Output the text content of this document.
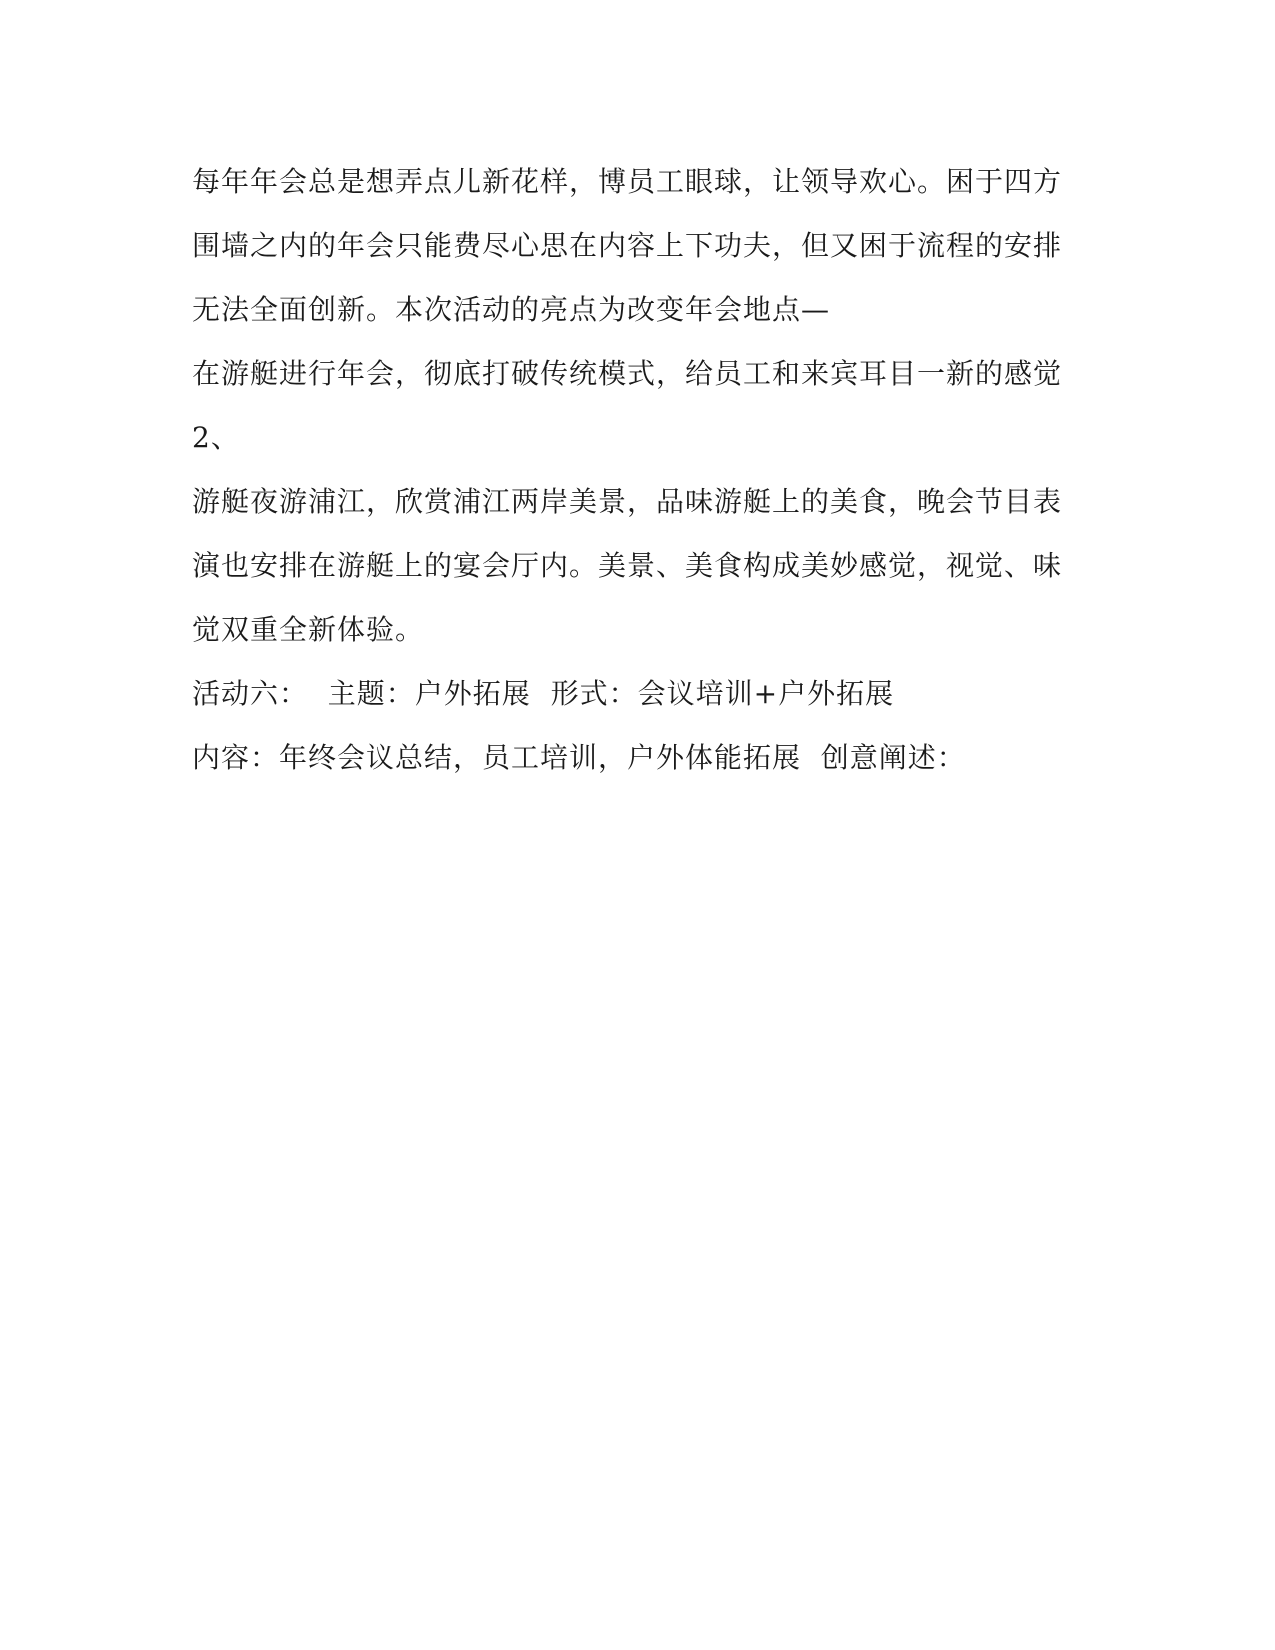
每年年会总是想弄点儿新花样，博员工眼球，让领导欢心。困于四方
围墙之内的年会只能费尽心思在内容上下功夫，但又困于流程的安排
无法全面创新。本次活动的亮点为改变年会地点—
在游艇进行年会，彻底打破传统模式，给员工和来宾耳目一新的感觉
2、
游艇夜游浦江，欣赏浦江两岸美景，品味游艇上的美食，晚会节目表
演也安排在游艇上的宴会厅内。美景、美食构成美妙感觉，视觉、味
觉双重全新体验。
活动六：  主题：户外拓展  形式：会议培训+户外拓展
内容：年终会议总结，员工培训，户外体能拓展  创意阐述：
